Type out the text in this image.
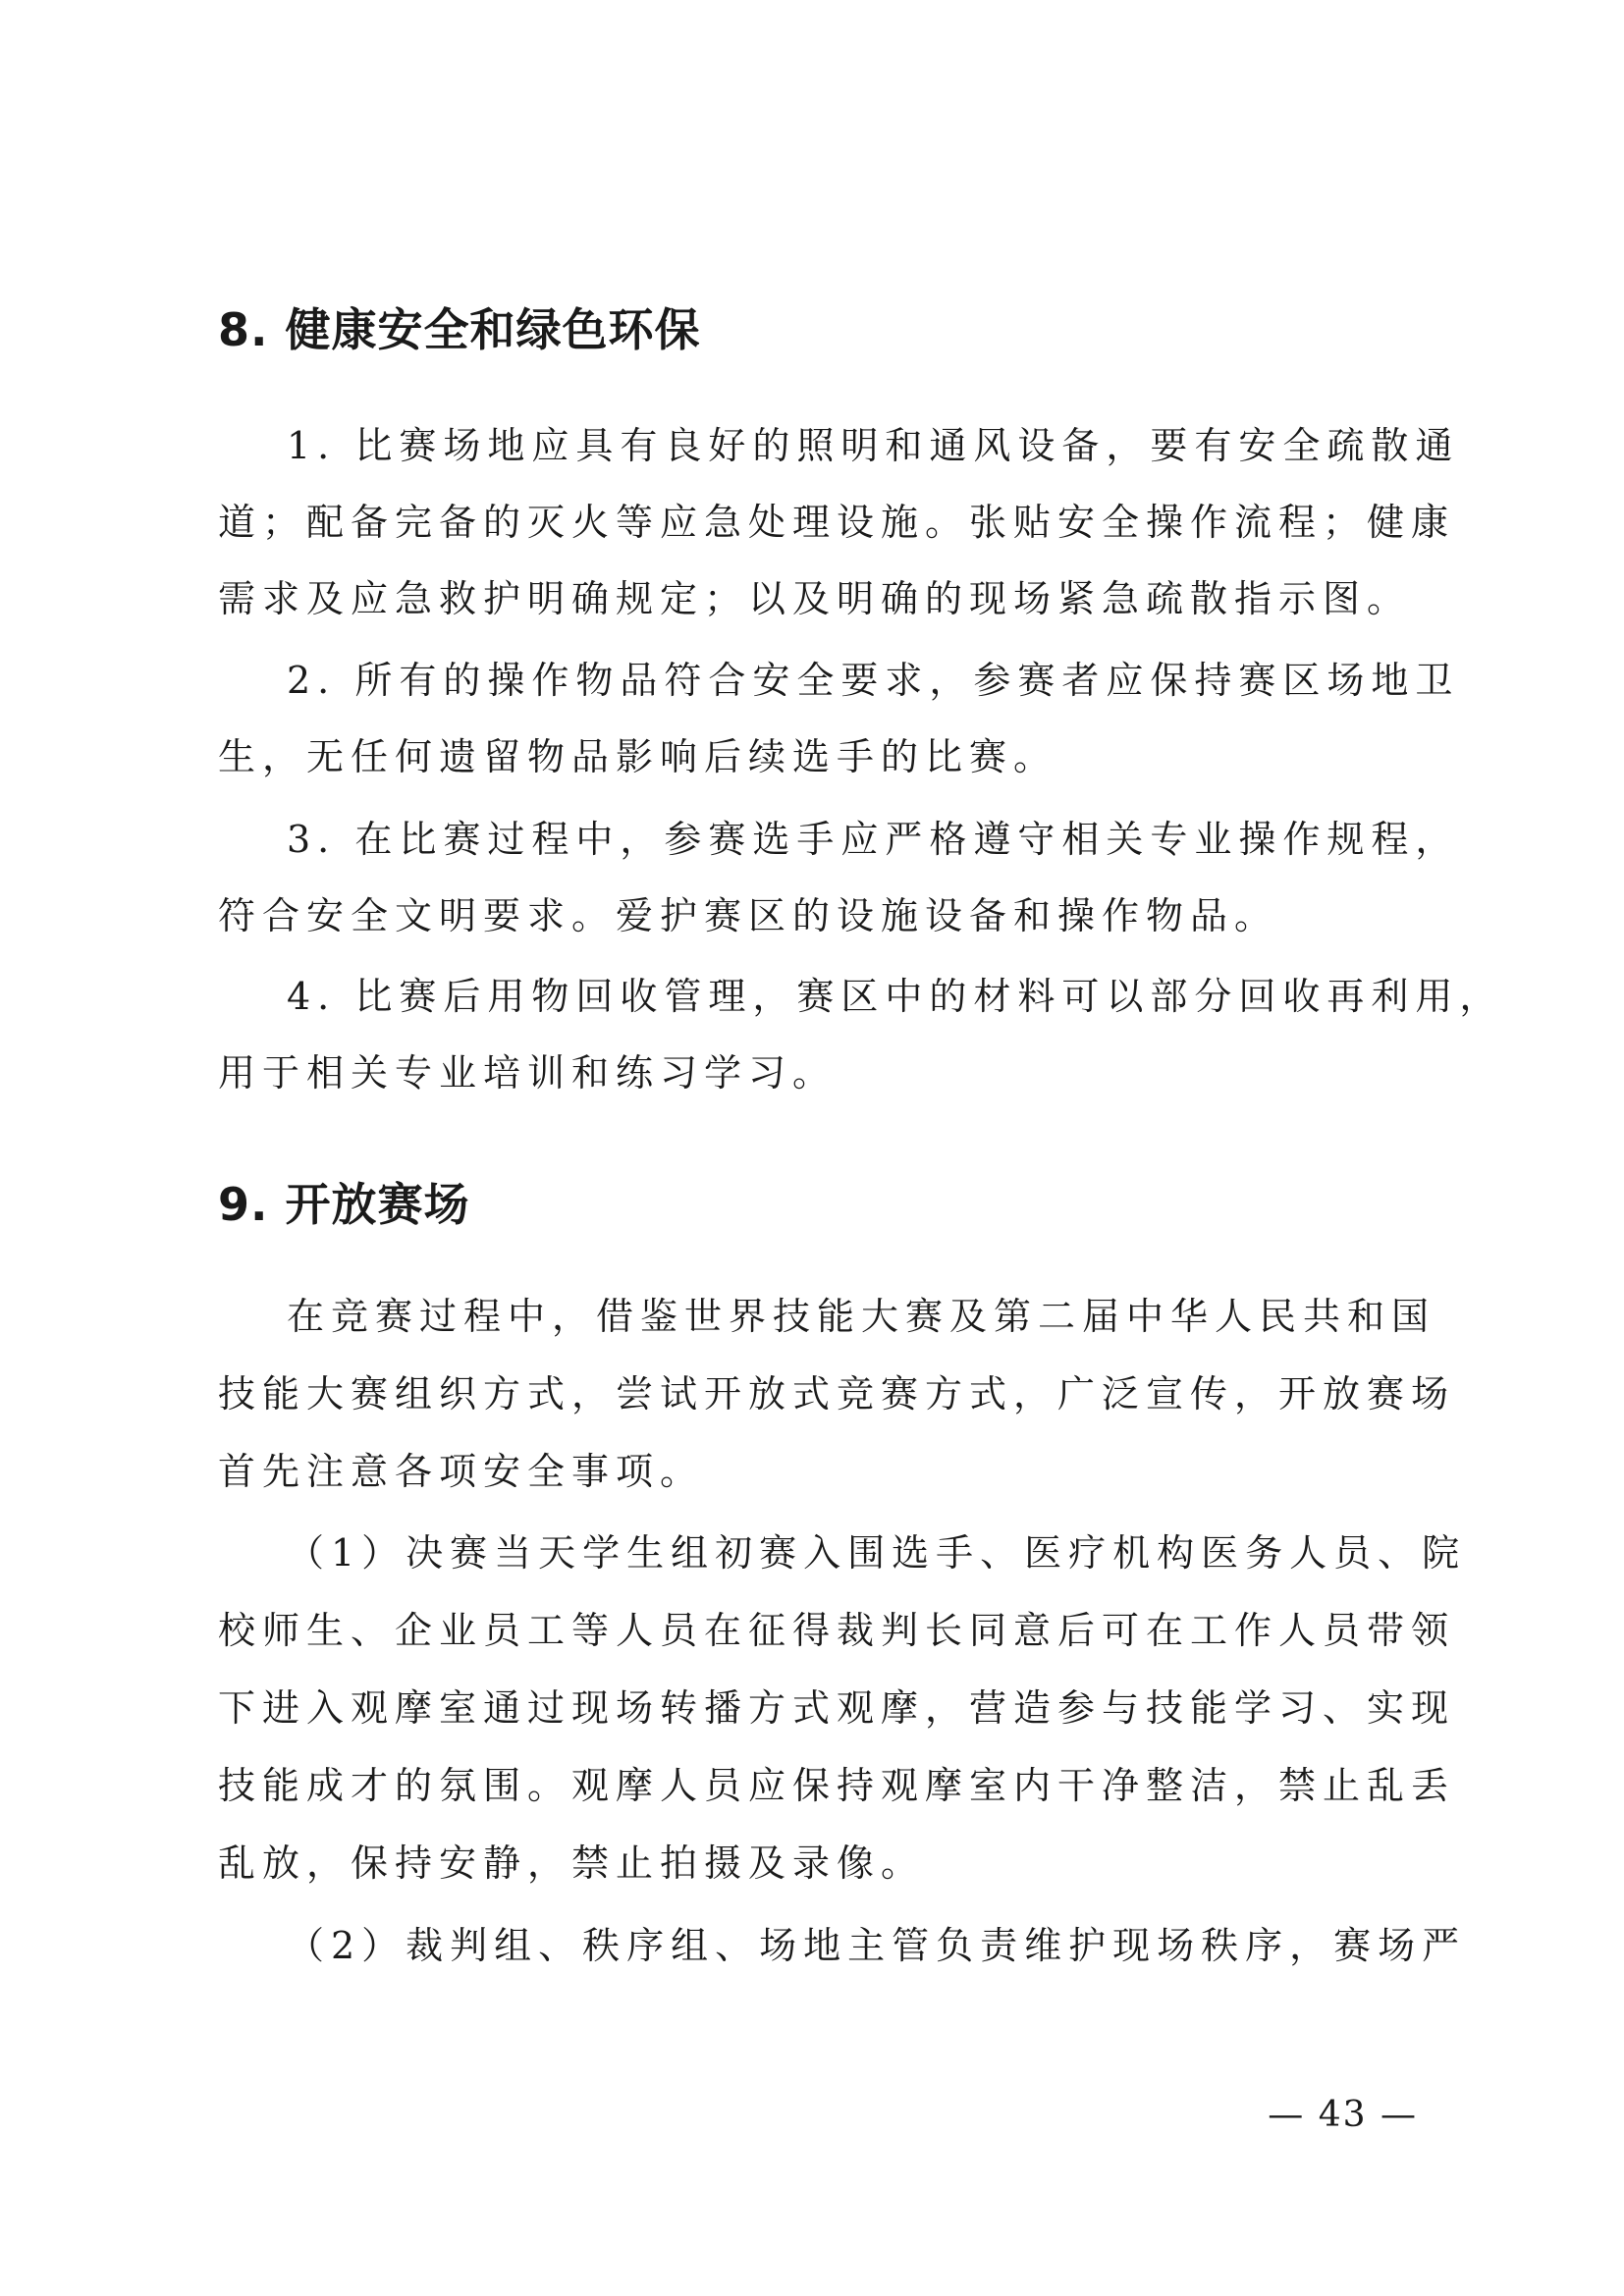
8. 健康安全和绿色环保

1. 比赛场地应具有良好的照明和通风设备，要有安全疏散通

道；配备完备的灭火等应急处理设施。张贴安全操作流程；健康

需求及应急救护明确规定；以及明确的现场紧急疏散指示图。

2. 所有的操作物品符合安全要求，参赛者应保持赛区场地卫

生，无任何遗留物品影响后续选手的比赛。

3. 在比赛过程中，参赛选手应严格遵守相关专业操作规程，

符合安全文明要求。爱护赛区的设施设备和操作物品。

4. 比赛后用物回收管理，赛区中的材料可以部分回收再利用，

用于相关专业培训和练习学习。

9. 开放赛场

在竞赛过程中，借鉴世界技能大赛及第二届中华人民共和国

技能大赛组织方式，尝试开放式竞赛方式，广泛宣传，开放赛场

首先注意各项安全事项。

（1）决赛当天学生组初赛入围选手、医疗机构医务人员、院

校师生、企业员工等人员在征得裁判长同意后可在工作人员带领

下进入观摩室通过现场转播方式观摩，营造参与技能学习、实现

技能成才的氛围。观摩人员应保持观摩室内干净整洁，禁止乱丢

乱放，保持安静，禁止拍摄及录像。

（2）裁判组、秩序组、场地主管负责维护现场秩序，赛场严

— 43 —
